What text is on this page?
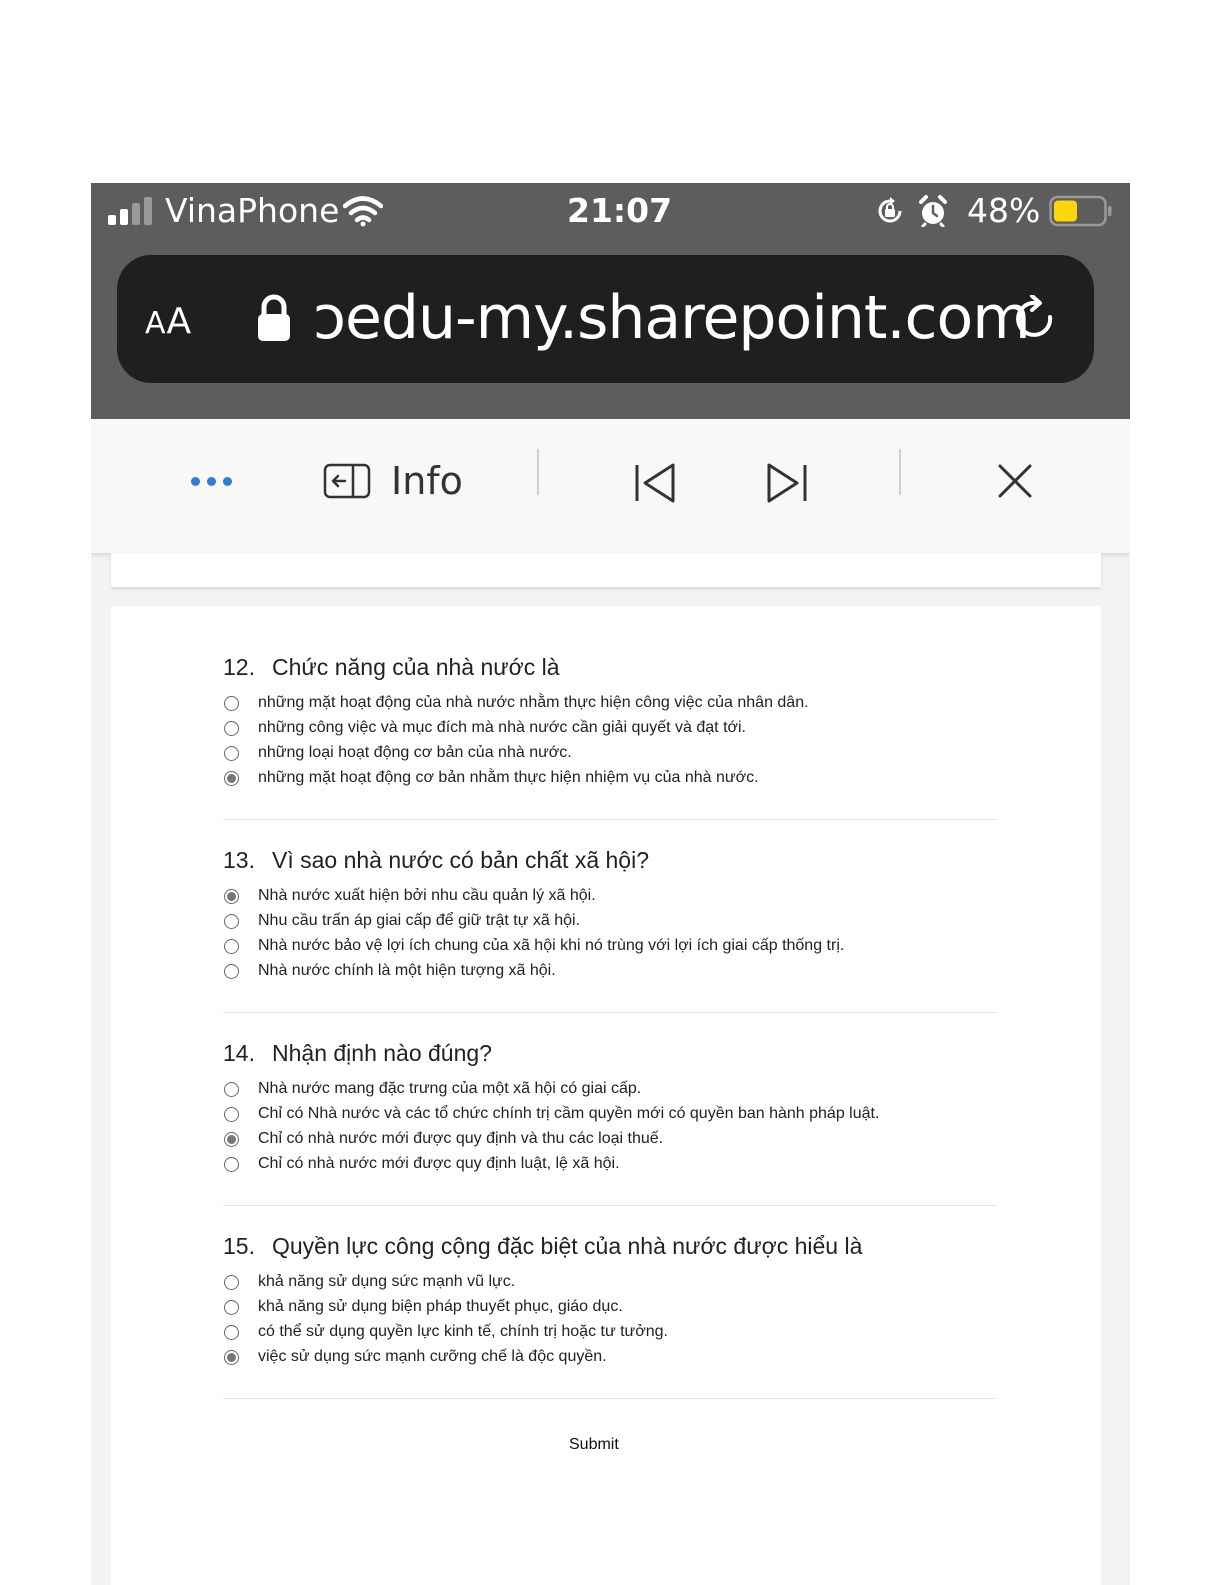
VinaPhone	21:07	48%
AA ɔedu-my.sharepoint.com
Info
12. Chức năng của nhà nước là
những mặt hoạt động của nhà nước nhằm thực hiện công việc của nhân dân.
những công việc và mục đích mà nhà nước cần giải quyết và đạt tới.
những loại hoạt động cơ bản của nhà nước.
những mặt hoạt động cơ bản nhằm thực hiện nhiệm vụ của nhà nước.
13. Vì sao nhà nước có bản chất xã hội?
Nhà nước xuất hiện bởi nhu cầu quản lý xã hội.
Nhu cầu trấn áp giai cấp để giữ trật tự xã hội.
Nhà nước bảo vệ lợi ích chung của xã hội khi nó trùng với lợi ích giai cấp thống trị.
Nhà nước chính là một hiện tượng xã hội.
14. Nhận định nào đúng?
Nhà nước mang đặc trưng của một xã hội có giai cấp.
Chỉ có Nhà nước và các tổ chức chính trị cầm quyền mới có quyền ban hành pháp luật.
Chỉ có nhà nước mới được quy định và thu các loại thuế.
Chỉ có nhà nước mới được quy định luật, lệ xã hội.
15. Quyền lực công cộng đặc biệt của nhà nước được hiểu là
khả năng sử dụng sức mạnh vũ lực.
khả năng sử dụng biện pháp thuyết phục, giáo dục.
có thể sử dụng quyền lực kinh tế, chính trị hoặc tư tưởng.
việc sử dụng sức mạnh cưỡng chế là độc quyền.
Submit
